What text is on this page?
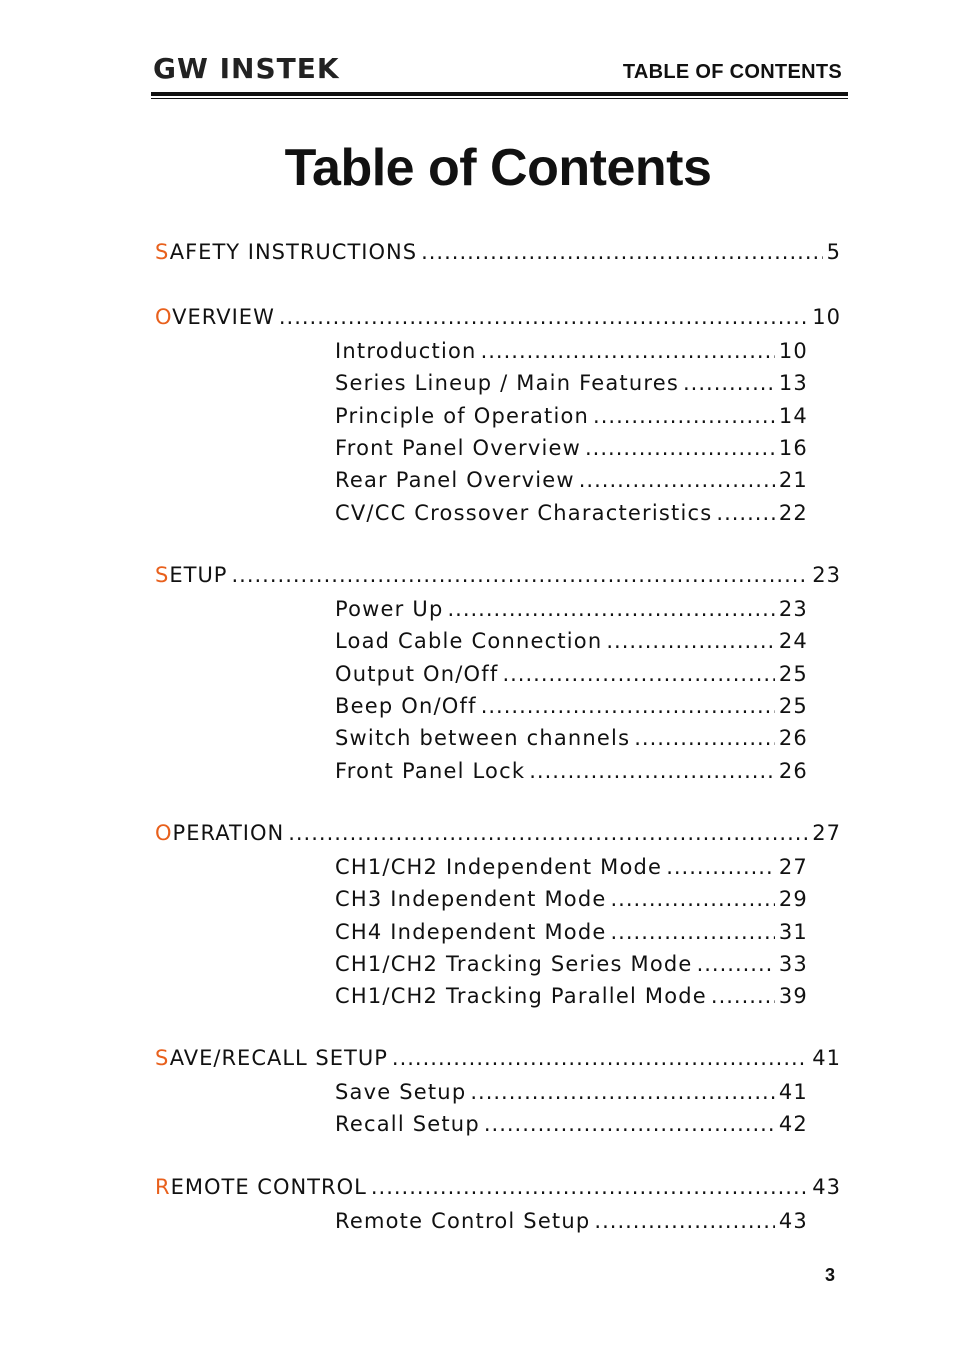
GW INSTEK	TABLE OF CONTENTS
Table of Contents
SAFETY INSTRUCTIONS .....	5
OVERVIEW .....	10
Introduction .....	10
Series Lineup / Main Features .....	13
Principle of Operation .....	14
Front Panel Overview .....	16
Rear Panel Overview .....	21
CV/CC Crossover Characteristics .....	22
SETUP .....	23
Power Up .....	23
Load Cable Connection .....	24
Output On/Off .....	25
Beep On/Off .....	25
Switch between channels .....	26
Front Panel Lock .....	26
OPERATION .....	27
CH1/CH2 Independent Mode .....	27
CH3 Independent Mode .....	29
CH4 Independent Mode .....	31
CH1/CH2 Tracking Series Mode .....	33
CH1/CH2 Tracking Parallel Mode .....	39
SAVE/RECALL SETUP .....	41
Save Setup .....	41
Recall Setup .....	42
REMOTE CONTROL .....	43
Remote Control Setup .....	43
3
